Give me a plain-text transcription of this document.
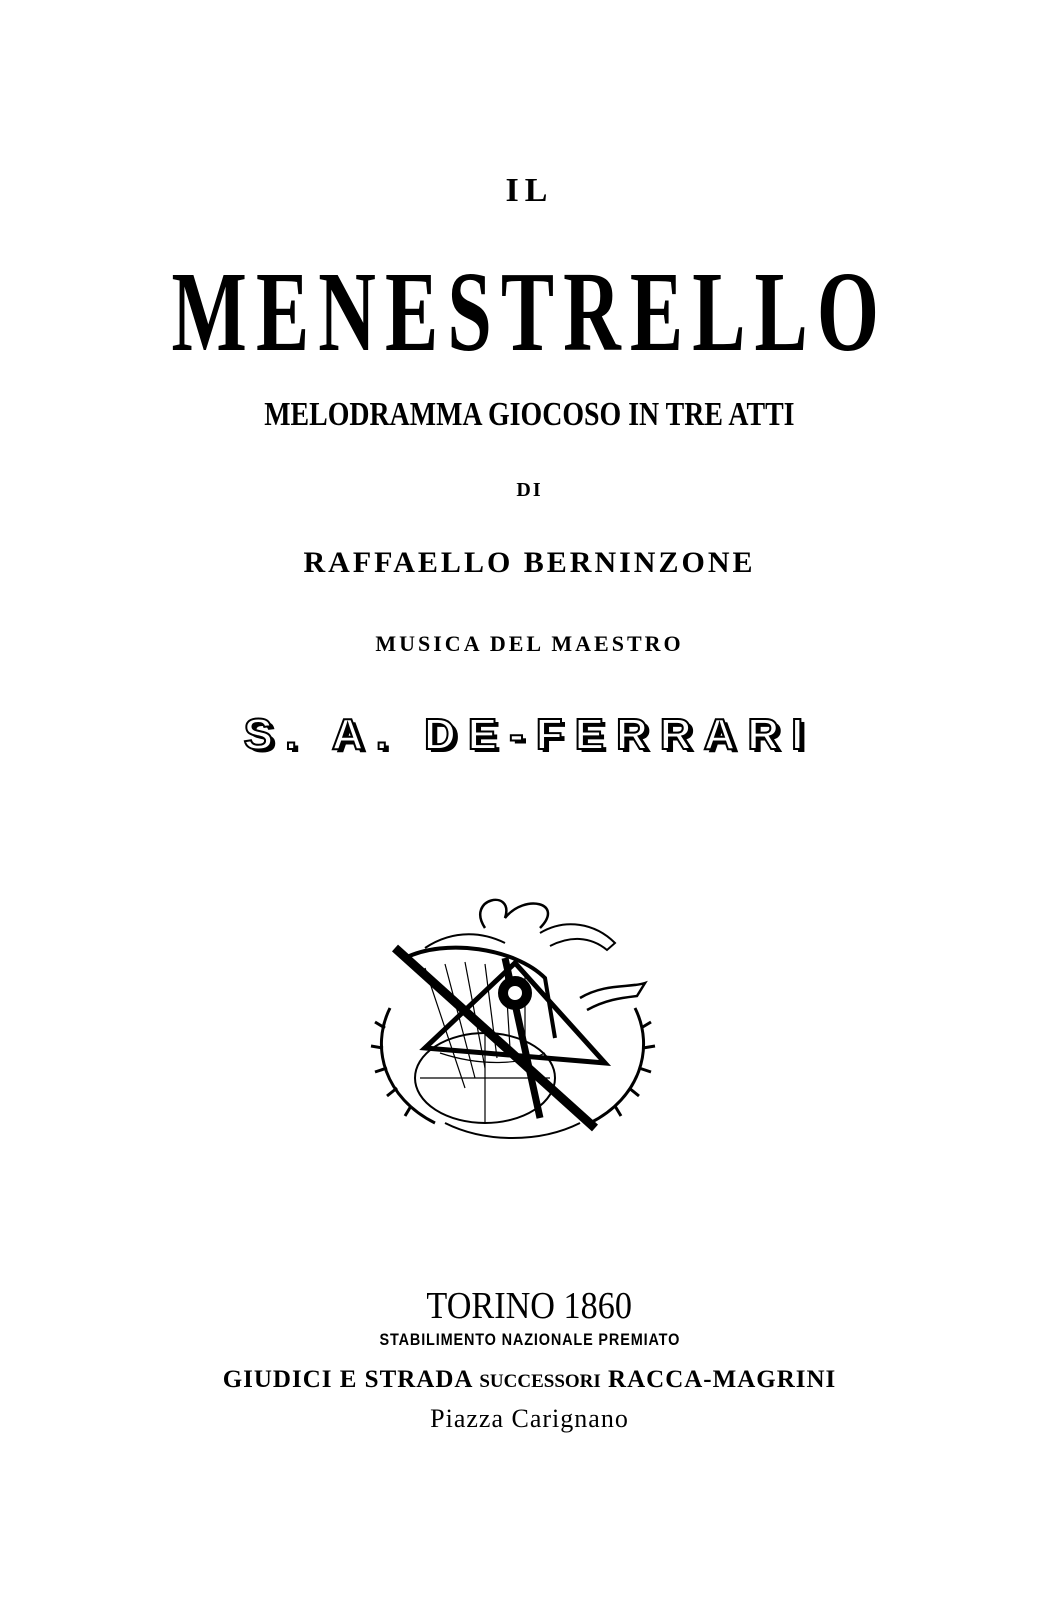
IL
MENESTRELLO
MELODRAMMA GIOCOSO IN TRE ATTI
DI
RAFFAELLO BERNINZONE
MUSICA DEL MAESTRO
S. A. DE-FERRARI
TORINO 1860
STABILIMENTO NAZIONALE PREMIATO
GIUDICI E STRADA SUCCESSORI RACCA-MAGRINI
Piazza Carignano
